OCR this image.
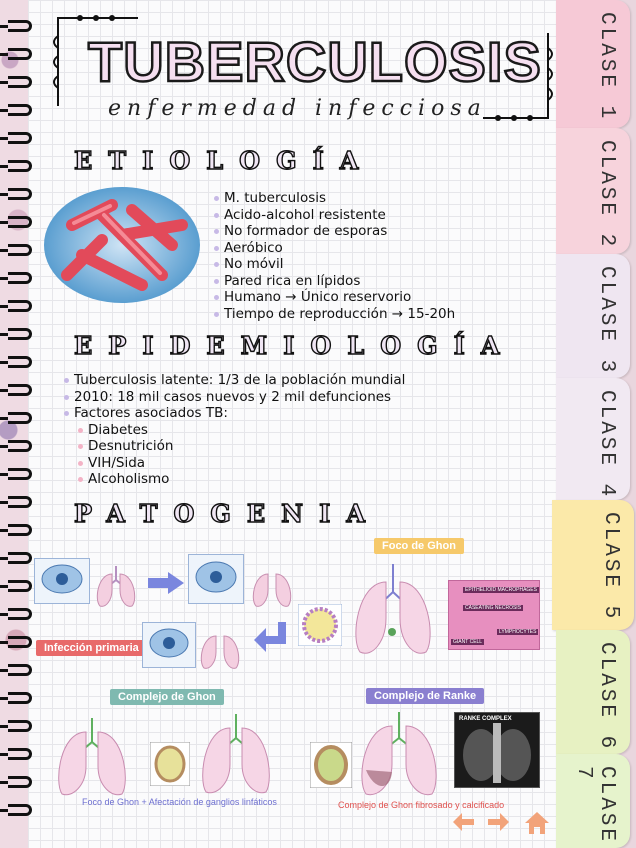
TUBERCULOSIS
enfermedad infecciosa
ETIOLOGÍA
M. tuberculosis
Acido-alcohol resistente
No formador de esporas
Aeróbico
No móvil
Pared rica en lípidos
Humano → Único reservorio
Tiempo de reproducción → 15-20h
EPIDEMIOLOGÍA
Tuberculosis latente: 1/3 de la población mundial
2010: 18 mil casos nuevos y 2 mil defunciones
Factores asociados TB:
Diabetes
Desnutrición
VIH/Sida
Alcoholismo
PATOGENIA
Foco de Ghon
Infección primaria
Complejo de Ghon	Complejo de Ranke
EPITHELIOID MACROPHAGES
CASEATING NECROSIS
LYMPHOCYTES
GIANT CELL
RANKE COMPLEX
Foco de Ghon + Afectación de ganglios linfáticos	Complejo de Ghon fibrosado y calcificado
CLASE 1
CLASE 2
CLASE 3
CLASE 4
CLASE 5
CLASE 6
CLASE 7
